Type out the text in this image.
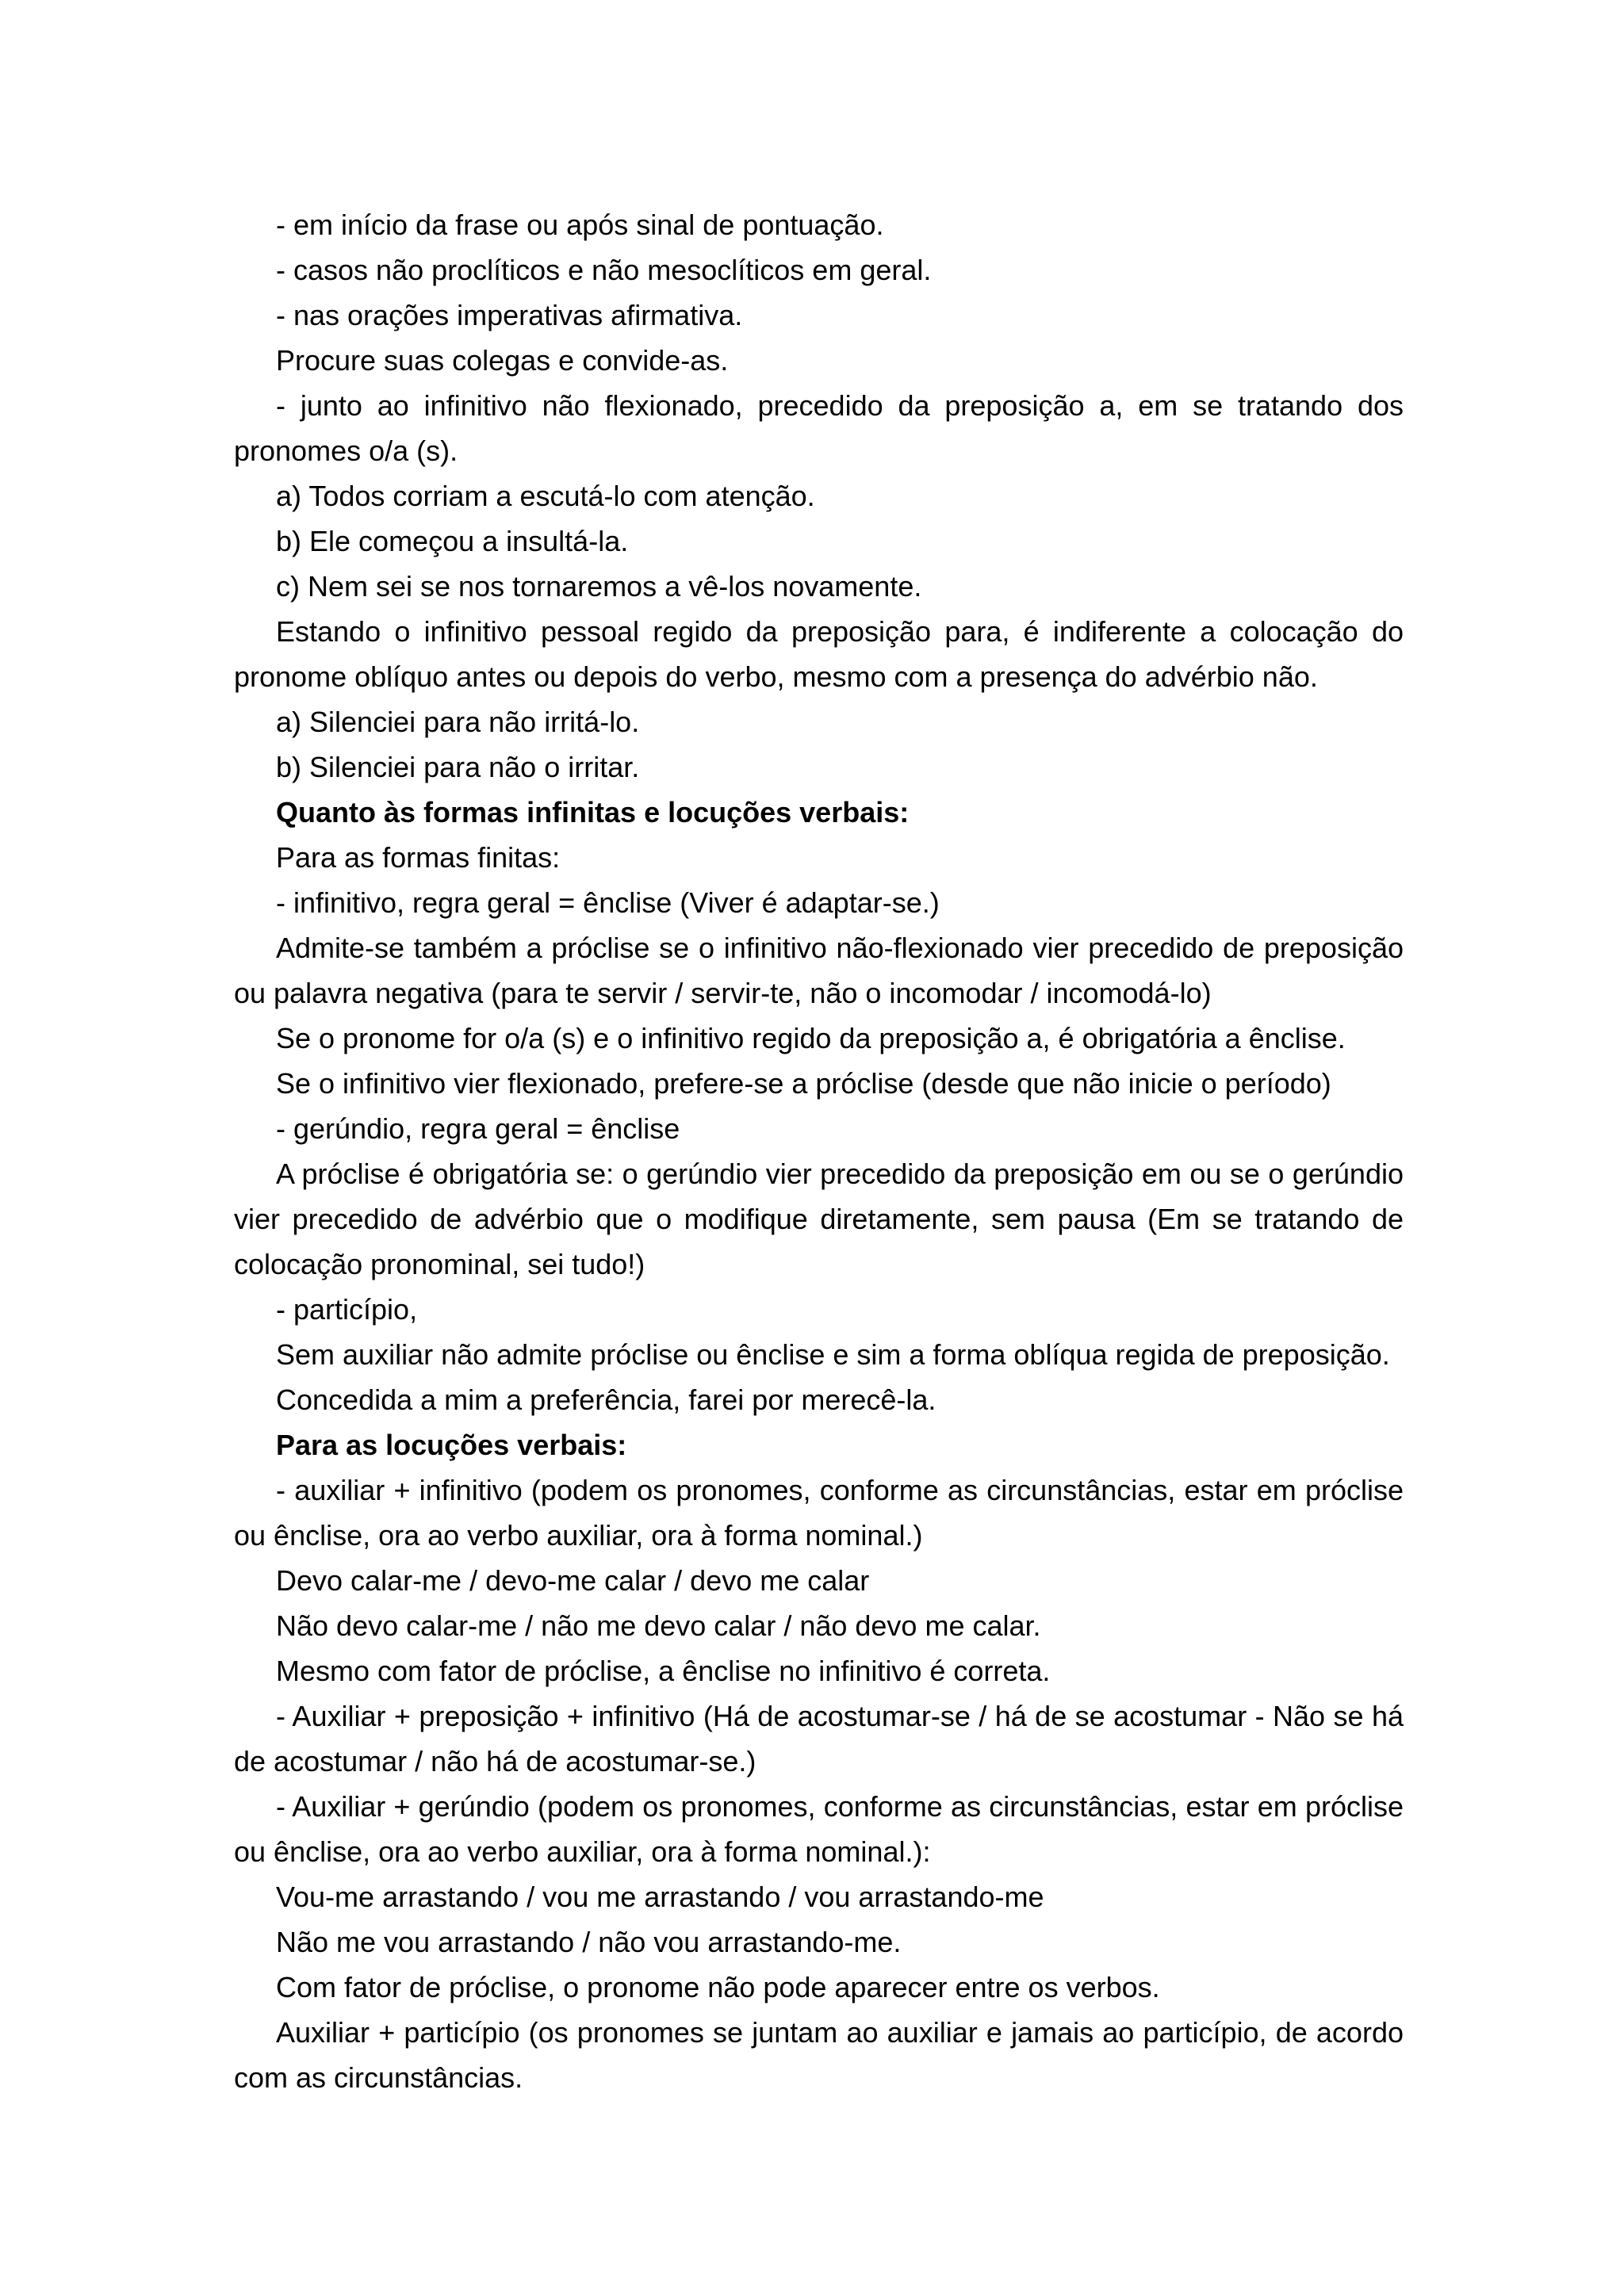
- em início da frase ou após sinal de pontuação.

- casos não proclíticos e não mesoclíticos em geral.

- nas orações imperativas afirmativa.

Procure suas colegas e convide-as.

- junto ao infinitivo não flexionado, precedido da preposição a, em se tratando dos pronomes o/a (s).

a) Todos corriam a escutá-lo com atenção.

b) Ele começou a insultá-la.

c) Nem sei se nos tornaremos a vê-los novamente.

Estando o infinitivo pessoal regido da preposição para, é indiferente a colocação do pronome oblíquo antes ou depois do verbo, mesmo com a presença do advérbio não.

a) Silenciei para não irritá-lo.

b) Silenciei para não o irritar.

Quanto às formas infinitas e locuções verbais:

Para as formas finitas:

- infinitivo, regra geral = ênclise (Viver é adaptar-se.)

Admite-se também a próclise se o infinitivo não-flexionado vier precedido de preposição ou palavra negativa (para te servir / servir-te, não o incomodar / incomodá-lo)

Se o pronome for o/a (s) e o infinitivo regido da preposição a, é obrigatória a ênclise.

Se o infinitivo vier flexionado, prefere-se a próclise (desde que não inicie o período)

- gerúndio, regra geral = ênclise

A próclise é obrigatória se: o gerúndio vier precedido da preposição em ou se o gerúndio vier precedido de advérbio que o modifique diretamente, sem pausa (Em se tratando de colocação pronominal, sei tudo!)

- particípio,

Sem auxiliar não admite próclise ou ênclise e sim a forma oblíqua regida de preposição.

Concedida a mim a preferência, farei por merecê-la.

Para as locuções verbais:

- auxiliar + infinitivo (podem os pronomes, conforme as circunstâncias, estar em próclise ou ênclise, ora ao verbo auxiliar, ora à forma nominal.)

Devo calar-me / devo-me calar / devo me calar

Não devo calar-me / não me devo calar / não devo me calar.

Mesmo com fator de próclise, a ênclise no infinitivo é correta.

- Auxiliar + preposição + infinitivo (Há de acostumar-se / há de se acostumar - Não se há de acostumar / não há de acostumar-se.)

- Auxiliar + gerúndio (podem os pronomes, conforme as circunstâncias, estar em próclise ou ênclise, ora ao verbo auxiliar, ora à forma nominal.):

Vou-me arrastando / vou me arrastando / vou arrastando-me

Não me vou arrastando / não vou arrastando-me.

Com fator de próclise, o pronome não pode aparecer entre os verbos.

Auxiliar + particípio (os pronomes se juntam ao auxiliar e jamais ao particípio, de acordo com as circunstâncias.
